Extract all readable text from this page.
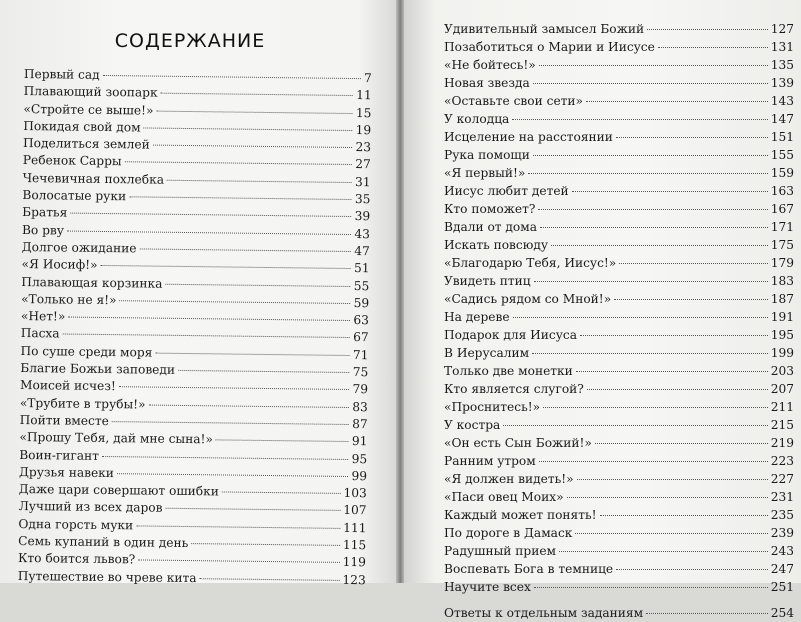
СОДЕРЖАНИЕ
Первый сад	7
Плавающий зоопарк	11
«Стройте се выше!»	15
Покидая свой дом	19
Поделиться землей	23
Ребенок Сарры	27
Чечевичная похлебка	31
Волосатые руки	35
Братья	39
Во рву	43
Долгое ожидание	47
«Я Иосиф!»	51
Плавающая корзинка	55
«Только не я!»	59
«Нет!»	63
Пасха	67
По суше среди моря	71
Благие Божьи заповеди	75
Моисей исчез!	79
«Трубите в трубы!»	83
Пойти вместе	87
«Прошу Тебя, дай мне сына!»	91
Воин-гигант	95
Друзья навеки	99
Даже цари совершают ошибки	103
Лучший из всех даров	107
Одна горсть муки	111
Семь купаний в один день	115
Кто боится львов?	119
Путешествие во чреве кита	123
Удивительный замысел Божий	127
Позаботиться о Марии и Иисусе	131
«Не бойтесь!»	135
Новая звезда	139
«Оставьте свои сети»	143
У колодца	147
Исцеление на расстоянии	151
Рука помощи	155
«Я первый!»	159
Иисус любит детей	163
Кто поможет?	167
Вдали от дома	171
Искать повсюду	175
«Благодарю Тебя, Иисус!»	179
Увидеть птиц	183
«Садись рядом со Мной!»	187
На дереве	191
Подарок для Иисуса	195
В Иерусалим	199
Только две монетки	203
Кто является слугой?	207
«Проснитесь!»	211
У костра	215
«Он есть Сын Божий!»	219
Ранним утром	223
«Я должен видеть!»	227
«Паси овец Моих»	231
Каждый может понять!	235
По дороге в Дамаск	239
Радушный прием	243
Воспевать Бога в темнице	247
Научите всех	251
Ответы к отдельным заданиям	254
